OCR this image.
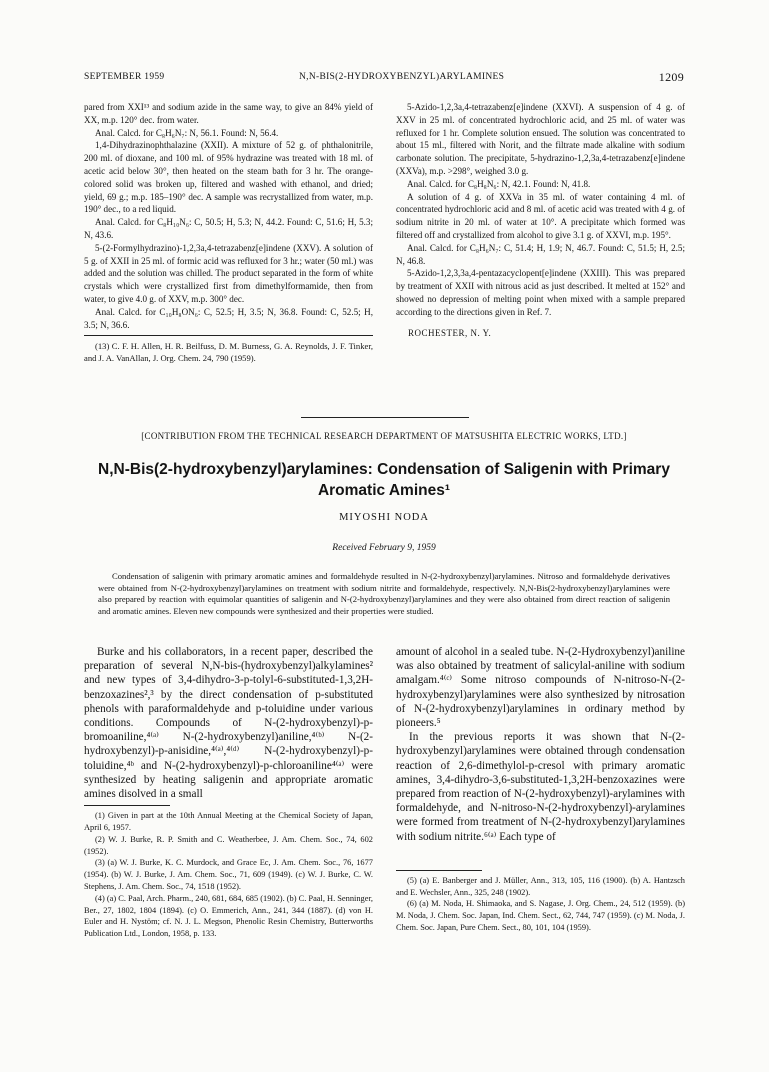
SEPTEMBER 1959	N,N-BIS(2-HYDROXYBENZYL)ARYLAMINES	1209

pared from XXI¹³ and sodium azide in the same way, to give an 84% yield of XX, m.p. 120° dec. from water.

Anal. Calcd. for C₈H₆N₇: N, 56.1. Found: N, 56.4.

1,4-Dihydrazinophthalazine (XXII). A mixture of 52 g. of phthalonitrile, 200 ml. of dioxane, and 100 ml. of 95% hydrazine was treated with 18 ml. of acetic acid below 30°, then heated on the steam bath for 3 hr. The orange-colored solid was broken up, filtered and washed with ethanol, and dried; yield, 69 g.; m.p. 185–190° dec. A sample was recrystallized from water, m.p. 190° dec., to a red liquid.

Anal. Calcd. for C₈H₁₀N₆: C, 50.5; H, 5.3; N, 44.2. Found: C, 51.6; H, 5.3; N, 43.6.

5-(2-Formylhydrazino)-1,2,3a,4-tetrazabenz[e]indene (XXV). A solution of 5 g. of XXII in 25 ml. of formic acid was refluxed for 3 hr.; water (50 ml.) was added and the solution was chilled. The product separated in the form of white crystals which were crystallized first from dimethylformamide, then from water, to give 4.0 g. of XXV, m.p. 300° dec.

Anal. Calcd. for C₁₀H₈ON₆: C, 52.5; H, 3.5; N, 36.8. Found: C, 52.5; H, 3.5; N, 36.6.

(13) C. F. H. Allen, H. R. Beilfuss, D. M. Burness, G. A. Reynolds, J. F. Tinker, and J. A. VanAllan, J. Org. Chem. 24, 790 (1959).

5-Azido-1,2,3a,4-tetrazabenz[e]indene (XXVI). A suspension of 4 g. of XXV in 25 ml. of concentrated hydrochloric acid, and 25 ml. of water was refluxed for 1 hr. Complete solution ensued. The solution was concentrated to about 15 ml., filtered with Norit, and the filtrate made alkaline with sodium carbonate solution. The precipitate, 5-hydrazino-1,2,3a,4-tetrazabenz[e]indene (XXVa), m.p. >298°, weighed 3.0 g.

Anal. Calcd. for C₈H₈N₆: N, 42.1. Found: N, 41.8.

A solution of 4 g. of XXVa in 35 ml. of water containing 4 ml. of concentrated hydrochloric acid and 8 ml. of acetic acid was treated with 4 g. of sodium nitrite in 20 ml. of water at 10°. A precipitate which formed was filtered off and crystallized from alcohol to give 3.1 g. of XXVI, m.p. 195°.

Anal. Calcd. for C₈H₆N₇: C, 51.4; H, 1.9; N, 46.7. Found: C, 51.5; H, 2.5; N, 46.8.

5-Azido-1,2,3,3a,4-pentazacyclopent[e]indene (XXIII). This was prepared by treatment of XXII with nitrous acid as just described. It melted at 152° and showed no depression of melting point when mixed with a sample prepared according to the directions given in Ref. 7.

ROCHESTER, N. Y.
[CONTRIBUTION FROM THE TECHNICAL RESEARCH DEPARTMENT OF MATSUSHITA ELECTRIC WORKS, LTD.]
N,N-Bis(2-hydroxybenzyl)arylamines: Condensation of Saligenin with Primary
Aromatic Amines¹
MIYOSHI NODA
Received February 9, 1959
Condensation of saligenin with primary aromatic amines and formaldehyde resulted in N-(2-hydroxybenzyl)arylamines. Nitroso and formaldehyde derivatives were obtained from N-(2-hydroxybenzyl)arylamines on treatment with sodium nitrite and formaldehyde, respectively. N,N-Bis(2-hydroxybenzyl)arylamines were also prepared by reaction with equimolar quantities of saligenin and N-(2-hydroxybenzyl)arylamines and they were also obtained from direct reaction of saligenin and aromatic amines. Eleven new compounds were synthesized and their properties were studied.

Burke and his collaborators, in a recent paper, described the preparation of several N,N-bis-(hydroxybenzyl)alkylamines² and new types of 3,4-dihydro-3-p-tolyl-6-substituted-1,3,2H-benzoxazines²,³ by the direct condensation of p-substituted phenols with paraformaldehyde and p-toluidine under various conditions. Compounds of N-(2-hydroxybenzyl)-p-bromoaniline,⁴⁽ᵃ⁾ N-(2-hydroxybenzyl)aniline,⁴⁽ᵇ⁾ N-(2-hydroxybenzyl)-p-anisidine,⁴⁽ᵃ⁾,⁴⁽ᵈ⁾ N-(2-hydroxybenzyl)-p-toluidine,⁴ᵇ and N-(2-hydroxybenzyl)-p-chloroaniline⁴⁽ᵃ⁾ were synthesized by heating saligenin and appropriate aromatic amines disolved in a small

(1) Given in part at the 10th Annual Meeting at the Chemical Society of Japan, April 6, 1957.

(2) W. J. Burke, R. P. Smith and C. Weatherbee, J. Am. Chem. Soc., 74, 602 (1952).

(3) (a) W. J. Burke, K. C. Murdock, and Grace Ec, J. Am. Chem. Soc., 76, 1677 (1954). (b) W. J. Burke, J. Am. Chem. Soc., 71, 609 (1949). (c) W. J. Burke, C. W. Stephens, J. Am. Chem. Soc., 74, 1518 (1952).

(4) (a) C. Paal, Arch. Pharm., 240, 681, 684, 685 (1902). (b) C. Paal, H. Senninger, Ber., 27, 1802, 1804 (1894). (c) O. Emmerich, Ann., 241, 344 (1887). (d) von H. Euler and H. Nystöm; cf. N. J. L. Megson, Phenolic Resin Chemistry, Butterworths Publication Ltd., London, 1958, p. 133.

amount of alcohol in a sealed tube. N-(2-Hydroxybenzyl)aniline was also obtained by treatment of salicylal-aniline with sodium amalgam.⁴⁽ᶜ⁾ Some nitroso compounds of N-nitroso-N-(2-hydroxybenzyl)arylamines were also synthesized by nitrosation of N-(2-hydroxybenzyl)arylamines in ordinary method by pioneers.⁵

In the previous reports it was shown that N-(2-hydroxybenzyl)arylamines were obtained through condensation reaction of 2,6-dimethylol-p-cresol with primary aromatic amines, 3,4-dihydro-3,6-substituted-1,3,2H-benzoxazines were prepared from reaction of N-(2-hydroxybenzyl)-arylamines with formaldehyde, and N-nitroso-N-(2-hydroxybenzyl)-arylamines were formed from treatment of N-(2-hydroxybenzyl)arylamines with sodium nitrite.⁶⁽ᵃ⁾ Each type of

(5) (a) E. Banberger and J. Müller, Ann., 313, 105, 116 (1900). (b) A. Hantzsch and E. Wechsler, Ann., 325, 248 (1902).

(6) (a) M. Noda, H. Shimaoka, and S. Nagase, J. Org. Chem., 24, 512 (1959). (b) M. Noda, J. Chem. Soc. Japan, Ind. Chem. Sect., 62, 744, 747 (1959). (c) M. Noda, J. Chem. Soc. Japan, Pure Chem. Sect., 80, 101, 104 (1959).
